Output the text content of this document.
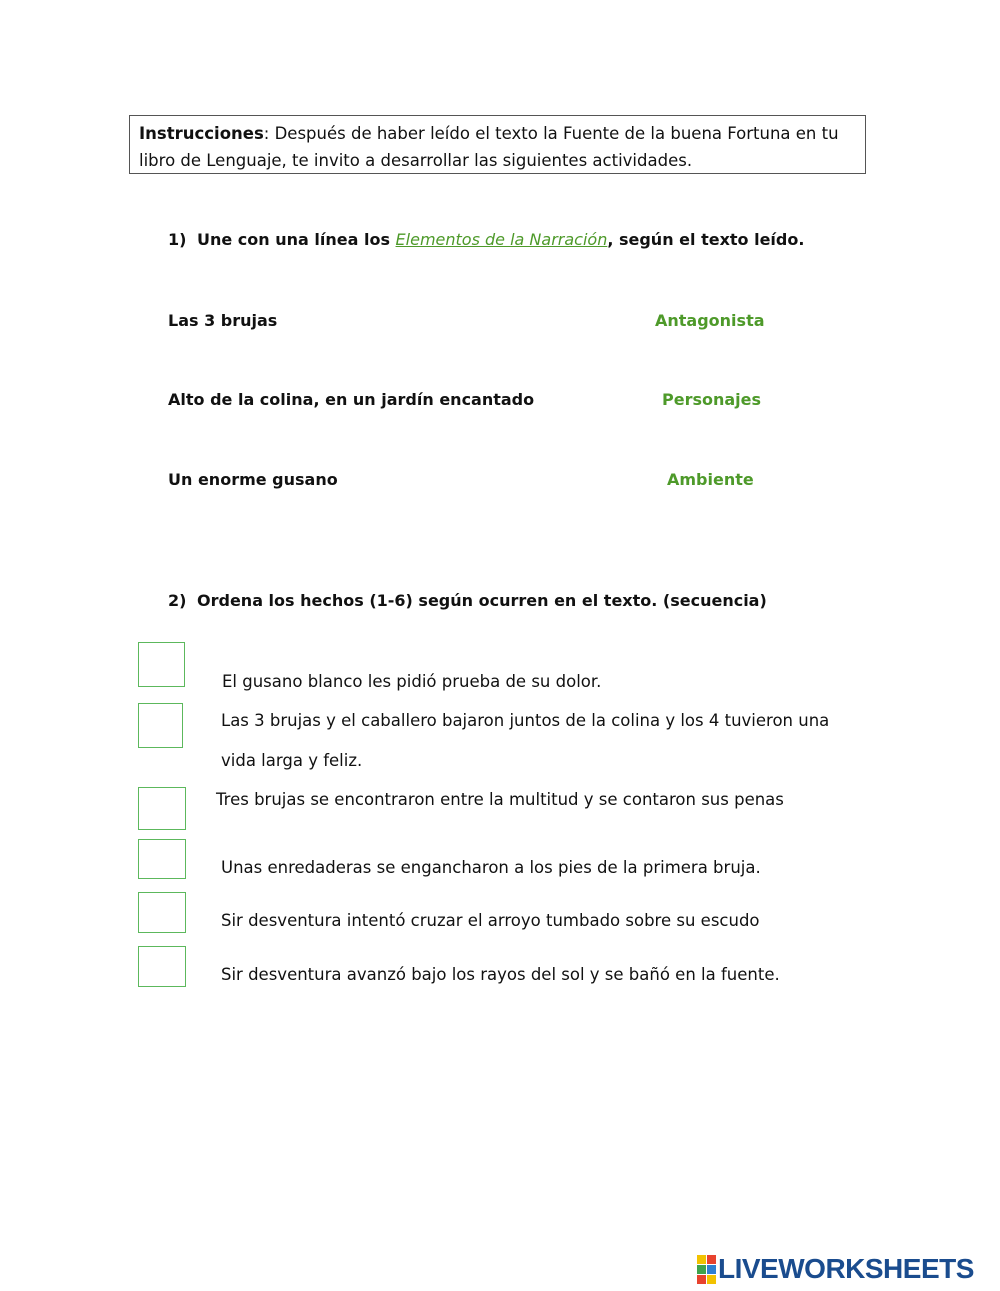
Instrucciones: Después de haber leído el texto la Fuente de la buena Fortuna en tu libro de Lenguaje, te invito a desarrollar las siguientes actividades.
1) Une con una línea los Elementos de la Narración, según el texto leído.
Las 3 brujas
Alto de la colina, en un jardín encantado
Un enorme gusano
Antagonista
Personajes
Ambiente
2) Ordena los hechos (1-6) según ocurren en el texto. (secuencia)
El gusano blanco les pidió prueba de su dolor.
Las 3 brujas y el caballero bajaron juntos de la colina y los 4 tuvieron una vida larga y feliz.
Tres brujas se encontraron entre la multitud y se contaron sus penas
Unas enredaderas se engancharon a los pies de la primera bruja.
Sir desventura intentó cruzar el arroyo tumbado sobre su escudo
Sir desventura avanzó bajo los rayos del sol y se bañó en la fuente.
LIVEWORKSHEETS
